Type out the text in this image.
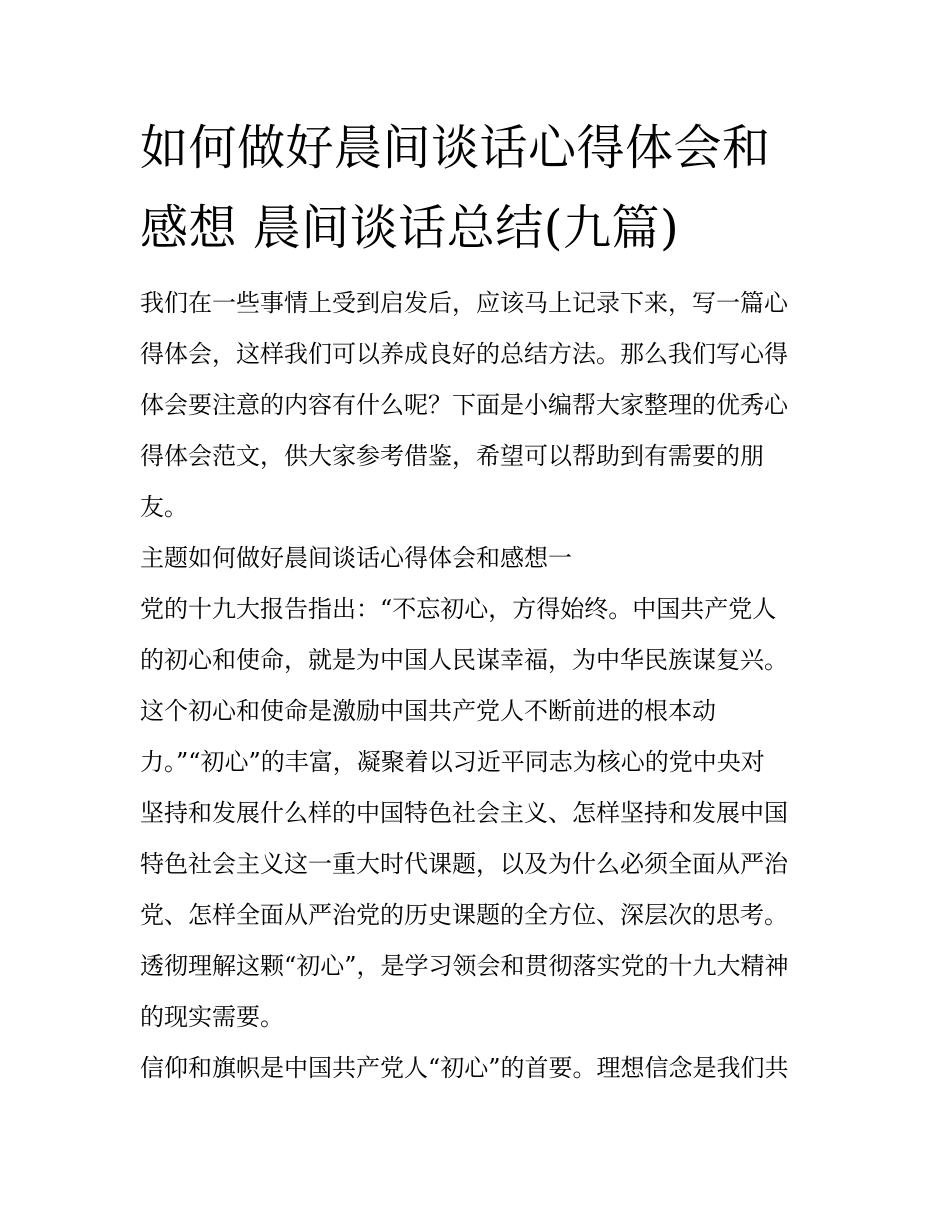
如何做好晨间谈话心得体会和
感想 晨间谈话总结(九篇)
我们在一些事情上受到启发后，应该马上记录下来，写一篇心
得体会，这样我们可以养成良好的总结方法。那么我们写心得
体会要注意的内容有什么呢？下面是小编帮大家整理的优秀心
得体会范文，供大家参考借鉴，希望可以帮助到有需要的朋
友。
主题如何做好晨间谈话心得体会和感想一
党的十九大报告指出：“不忘初心，方得始终。中国共产党人
的初心和使命，就是为中国人民谋幸福，为中华民族谋复兴。
这个初心和使命是激励中国共产党人不断前进的根本动
力。”“初心”的丰富，凝聚着以习近平同志为核心的党中央对
坚持和发展什么样的中国特色社会主义、怎样坚持和发展中国
特色社会主义这一重大时代课题，以及为什么必须全面从严治
党、怎样全面从严治党的历史课题的全方位、深层次的思考。
透彻理解这颗“初心”，是学习领会和贯彻落实党的十九大精神
的现实需要。
信仰和旗帜是中国共产党人“初心”的首要。理想信念是我们共
